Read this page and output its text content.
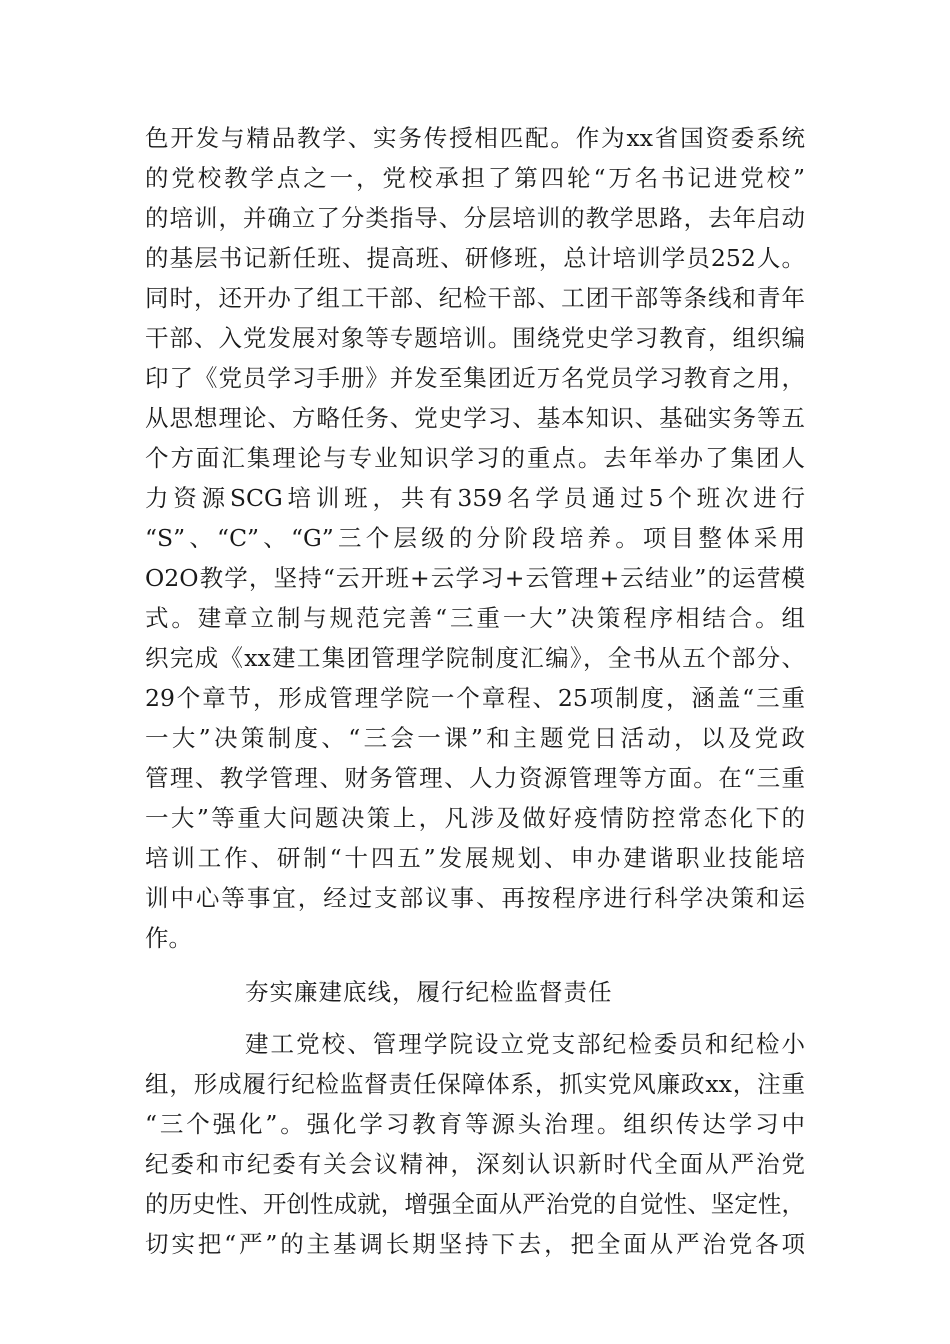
色开发与精品教学、实务传授相匹配。作为xx省国资委系统
的党校教学点之一，党校承担了第四轮“万名书记进党校”
的培训，并确立了分类指导、分层培训的教学思路，去年启动
的基层书记新任班、提高班、研修班，总计培训学员252人。
同时，还开办了组工干部、纪检干部、工团干部等条线和青年
干部、入党发展对象等专题培训。围绕党史学习教育，组织编
印了《党员学习手册》并发至集团近万名党员学习教育之用，
从思想理论、方略任务、党史学习、基本知识、基础实务等五
个方面汇集理论与专业知识学习的重点。去年举办了集团人
力资源SCG培训班，共有359名学员通过5个班次进行
“S”、“C”、“G”三个层级的分阶段培养。项目整体采用
O2O教学，坚持“云开班+云学习+云管理+云结业”的运营模
式。建章立制与规范完善“三重一大”决策程序相结合。组
织完成《xx建工集团管理学院制度汇编》，全书从五个部分、
29个章节，形成管理学院一个章程、25项制度，涵盖“三重
一大”决策制度、“三会一课”和主题党日活动，以及党政
管理、教学管理、财务管理、人力资源管理等方面。在“三重
一大”等重大问题决策上，凡涉及做好疫情防控常态化下的
培训工作、研制“十四五”发展规划、申办建谐职业技能培
训中心等事宜，经过支部议事、再按程序进行科学决策和运
作。
夯实廉建底线，履行纪检监督责任
建工党校、管理学院设立党支部纪检委员和纪检小
组，形成履行纪检监督责任保障体系，抓实党风廉政xx，注重
“三个强化”。强化学习教育等源头治理。组织传达学习中
纪委和市纪委有关会议精神，深刻认识新时代全面从严治党
的历史性、开创性成就，增强全面从严治党的自觉性、坚定性，
切实把“严”的主基调长期坚持下去，把全面从严治党各项
